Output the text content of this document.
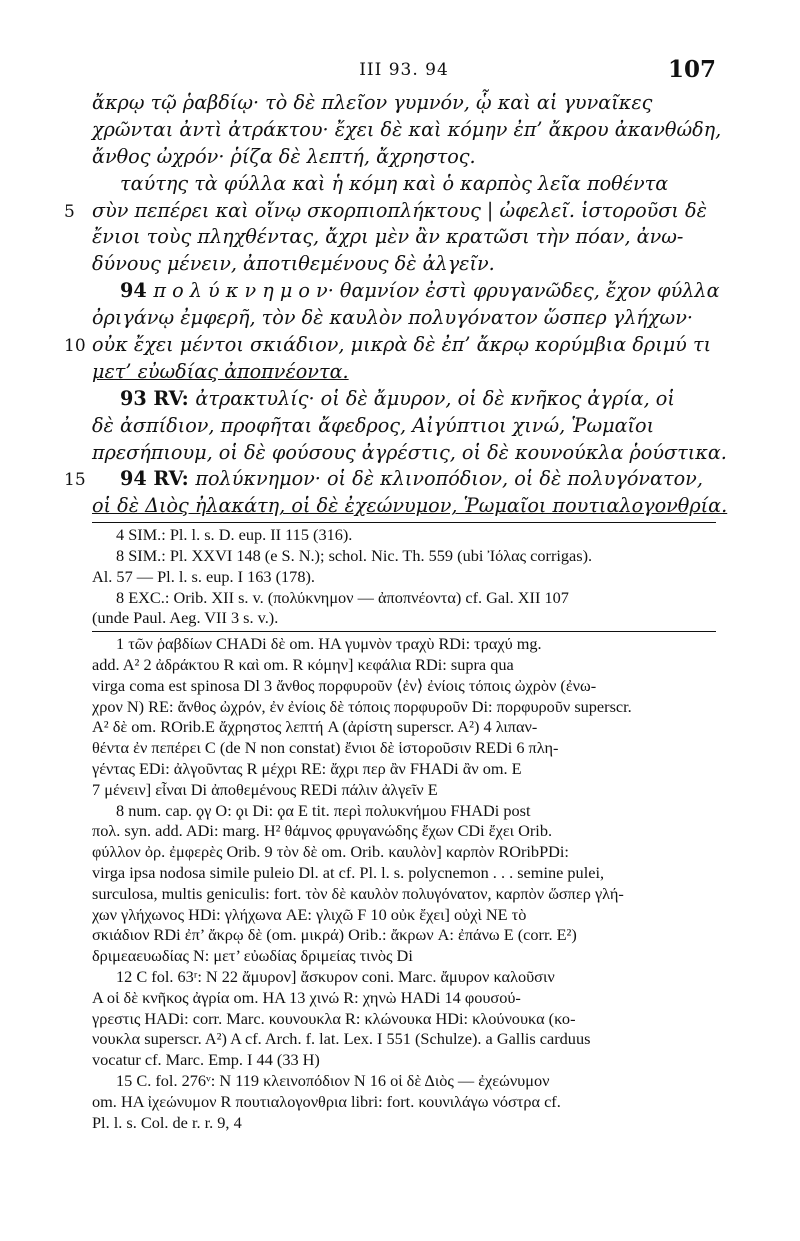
III 93. 94	107
ἄκρῳ τῷ ῥαβδίῳ· τὸ δὲ πλεῖον γυμνόν, ᾧ καὶ αἱ γυναῖκες
χρῶνται ἀντὶ ἀτράκτου· ἔχει δὲ καὶ κόμην ἐπ’ ἄκρου ἀκανθώδη,
ἄνθος ὠχρόν· ῥίζα δὲ λεπτή, ἄχρηστος.
ταύτης τὰ φύλλα καὶ ἡ κόμη καὶ ὁ καρπὸς λεῖα ποθέντα
5 σὺν πεπέρει καὶ οἴνῳ σκορπιοπλήκτους | ὠφελεῖ. ἱστοροῦσι δὲ
ἔνιοι τοὺς πληχθέντας, ἄχρι μὲν ἂν κρατῶσι τὴν πόαν, ἀνω-
δύνους μένειν, ἀποτιθεμένους δὲ ἀλγεῖν.
94 π ο λ ύ κ ν η μ ο ν· θαμνίον ἐστὶ φρυγανῶδες, ἔχον φύλλα
ὀριγάνῳ ἐμφερῆ, τὸν δὲ καυλὸν πολυγόνατον ὥσπερ γλήχων·
10 οὐκ ἔχει μέντοι σκιάδιον, μικρὰ δὲ ἐπ’ ἄκρῳ κορύμβια δριμύ τι
μετ’ εὐωδίας ἀποπνέοντα.
93 RV: ἀτρακτυλίς· οἱ δὲ ἄμυρον, οἱ δὲ κνῆκος ἀγρία, οἱ
δὲ ἀσπίδιον, προφῆται ἄφεδρος, Αἰγύπτιοι χινώ, Ῥωμαῖοι
πρεσήπιουμ, οἱ δὲ φούσους ἀγρέστις, οἱ δὲ κουνούκλα ῥούστικα.
15 94 RV: πολύκνημον· οἱ δὲ κλινοπόδιον, οἱ δὲ πολυγόνατον,
οἱ δὲ Διὸς ἠλακάτη, οἱ δὲ ἐχεώνυμον, Ῥωμαῖοι πουτιαλογονθρία.
4 SIM.: Pl. l. s. D. eup. II 115 (316).
8 SIM.: Pl. XXVI 148 (e S. N.); schol. Nic. Th. 559 (ubi Ἰόλας corrigas).
Al. 57 — Pl. l. s. eup. I 163 (178).
8 EXC.: Orib. XII s. v. (πολύκνημον — ἀποπνέοντα) cf. Gal. XII 107
(unde Paul. Aeg. VII 3 s. v.).
1 τῶν ῥαβδίων CHADi δὲ om. HA γυμνὸν τραχὺ RDi: τραχύ mg.
add. A² 2 ἀδράκτου R καὶ om. R κόμην] κεφάλια RDi: supra qua
virga coma est spinosa Dl 3 ἄνθος πορφυροῦν ⟨ἐν⟩ ἐνίοις τόποις ὠχρὸν (ἐνω-
χρον N) RE: ἄνθος ὠχρόν, ἐν ἐνίοις δὲ τόποις πορφυροῦν Di: πορφυροῦν superscr.
A² δὲ om. ROrib.E ἄχρηστος λεπτή A (ἀρίστη superscr. A²) 4 λιπαν-
θέντα ἐν πεπέρει C (de N non constat) ἔνιοι δὲ ἱστοροῦσιν REDi 6 πλη-
γέντας EDi: ἀλγοῦντας R μέχρι RE: ἄχρι περ ἂν FHADi ἂν om. E
7 μένειν] εἶναι Di ἀποθεμένους REDi πάλιν ἀλγεῖν E
8 num. cap. ϙγ O: ϙι Di: ϙα E tit. περὶ πολυκνήμου FHADi post
πολ. syn. add. ADi: marg. H² θάμνος φρυγανώδης ἔχων CDi ἔχει Orib.
φύλλον ὀρ. ἐμφερὲς Orib. 9 τὸν δὲ om. Orib. καυλὸν] καρπὸν ROribPDi:
virga ipsa nodosa simile puleio Dl. at cf. Pl. l. s. polycnemon . . . semine pulei,
surculosa, multis geniculis: fort. τὸν δὲ καυλὸν πολυγόνατον, καρπὸν ὥσπερ γλή-
χων γλήχωνος HDi: γλήχωνα AE: γλιχῶ F 10 οὐκ ἔχει] οὐχὶ NE τὸ
σκιάδιον RDi ἐπ’ ἄκρῳ δὲ (om. μικρά) Orib.: ἄκρων A: ἐπάνω E (corr. E²)
δριμεαευωδίας N: μετ’ εὐωδίας δριμείας τινὸς Di
12 C fol. 63ʳ: N 22 ἄμυρον] ἄσκυρον coni. Marc. ἄμυρον καλοῦσιν
A οἱ δὲ κνῆκος ἀγρία om. HA 13 χινώ R: χηνὼ HADi 14 φουσού-
γρεστις HADi: corr. Marc. κουνουκλα R: κλώνουκα HDi: κλούνουκα (κο-
νουκλα superscr. A²) A cf. Arch. f. lat. Lex. I 551 (Schulze). a Gallis carduus
vocatur cf. Marc. Emp. I 44 (33 H)
15 C. fol. 276ᵛ: N 119 κλεινοπόδιον N 16 οἱ δὲ Διὸς — ἐχεώνυμον
om. HA ἰχεώνυμον R πουτιαλογονθρια libri: fort. κουνιλάγω νόστρα cf.
Pl. l. s. Col. de r. r. 9, 4
